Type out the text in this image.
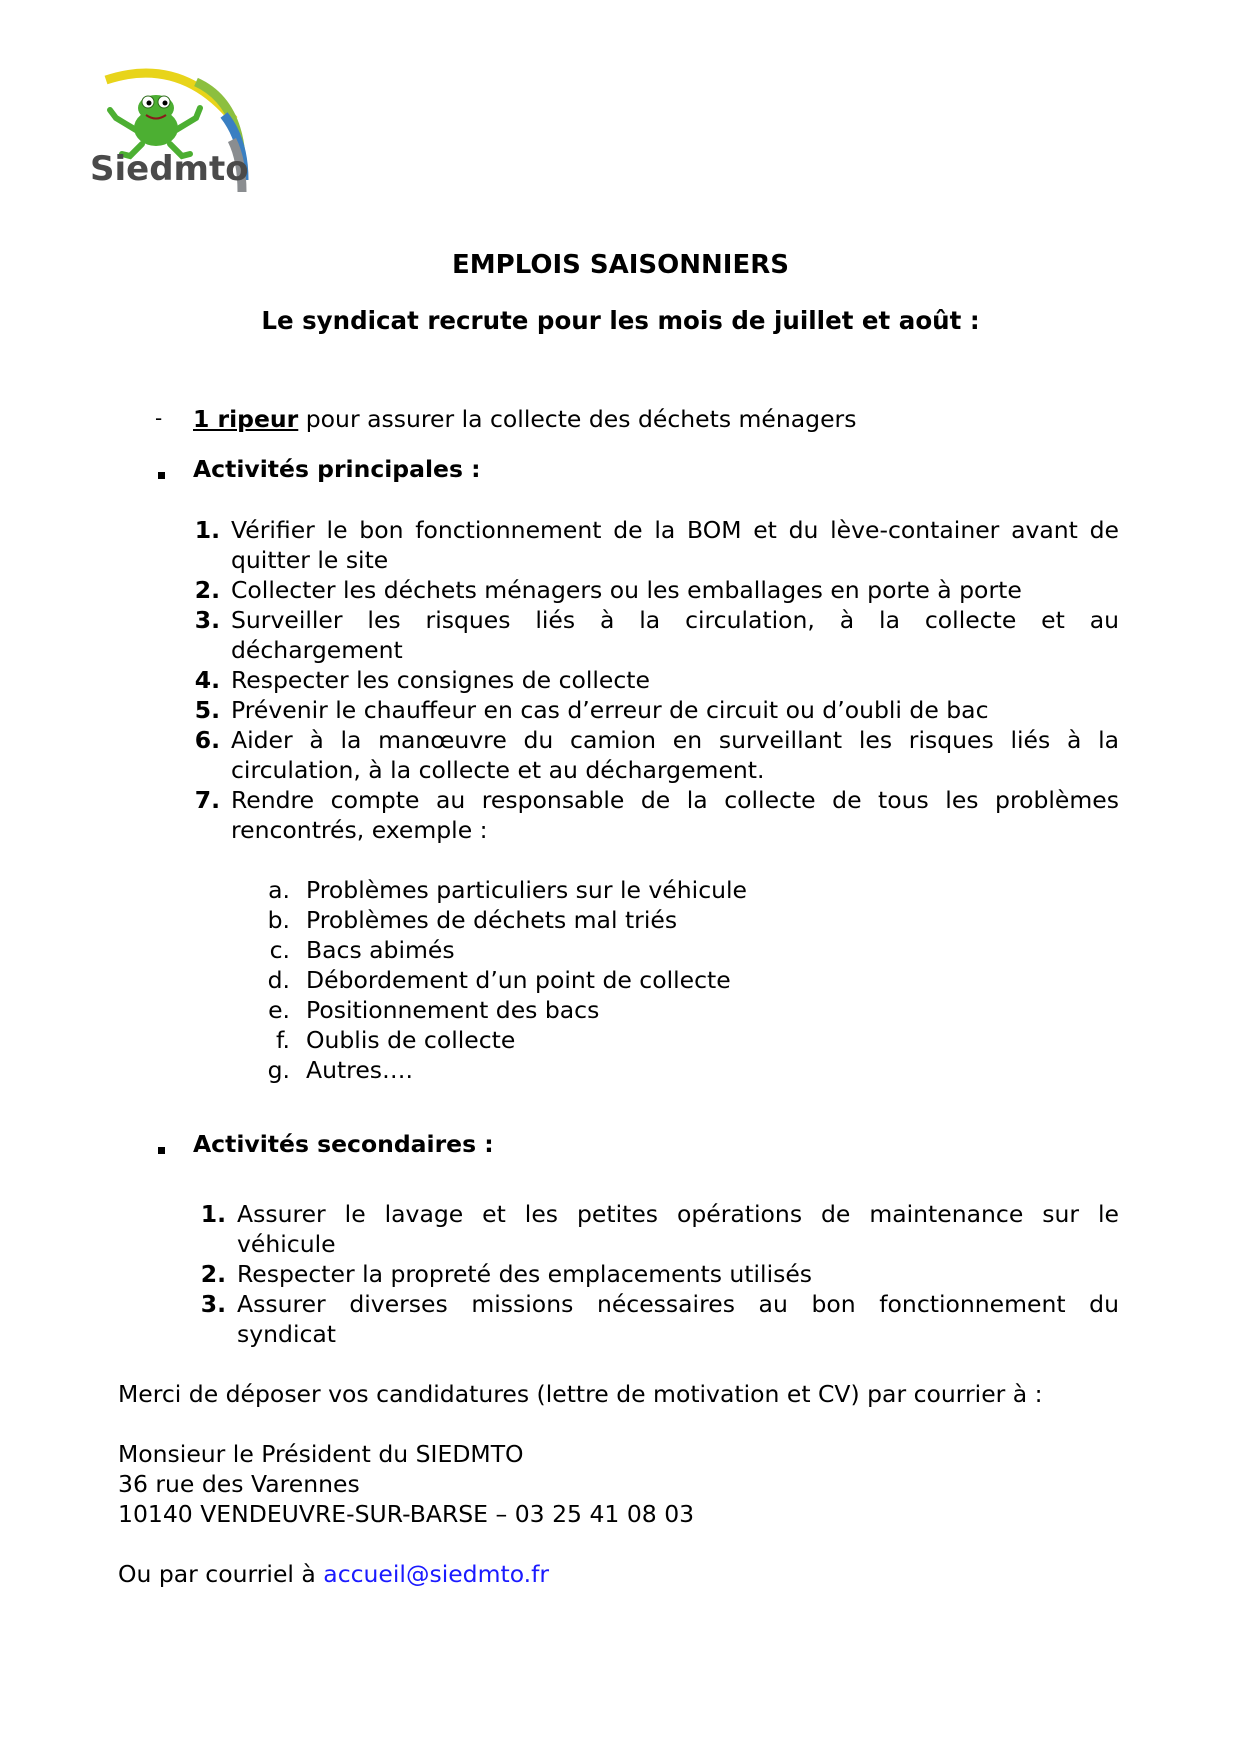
Siedmto
EMPLOIS SAISONNIERS
Le syndicat recrute pour les mois de juillet et août :
- 1 ripeur pour assurer la collecte des déchets ménagers
Activités principales :
1. Vérifier le bon fonctionnement de la BOM et du lève-container avant de
quitter le site
2. Collecter les déchets ménagers ou les emballages en porte à porte
3. Surveiller les risques liés à la circulation, à la collecte et au
déchargement
4. Respecter les consignes de collecte
5. Prévenir le chauffeur en cas d’erreur de circuit ou d’oubli de bac
6. Aider à la manœuvre du camion en surveillant les risques liés à la
circulation, à la collecte et au déchargement.
7. Rendre compte au responsable de la collecte de tous les problèmes
rencontrés, exemple :
a. Problèmes particuliers sur le véhicule
b. Problèmes de déchets mal triés
c. Bacs abimés
d. Débordement d’un point de collecte
e. Positionnement des bacs
f. Oublis de collecte
g. Autres….
Activités secondaires :
1. Assurer le lavage et les petites opérations de maintenance sur le
véhicule
2. Respecter la propreté des emplacements utilisés
3. Assurer diverses missions nécessaires au bon fonctionnement du
syndicat
Merci de déposer vos candidatures (lettre de motivation et CV) par courrier à :
Monsieur le Président du SIEDMTO
36 rue des Varennes
10140 VENDEUVRE-SUR-BARSE – 03 25 41 08 03
Ou par courriel à accueil@siedmto.fr
